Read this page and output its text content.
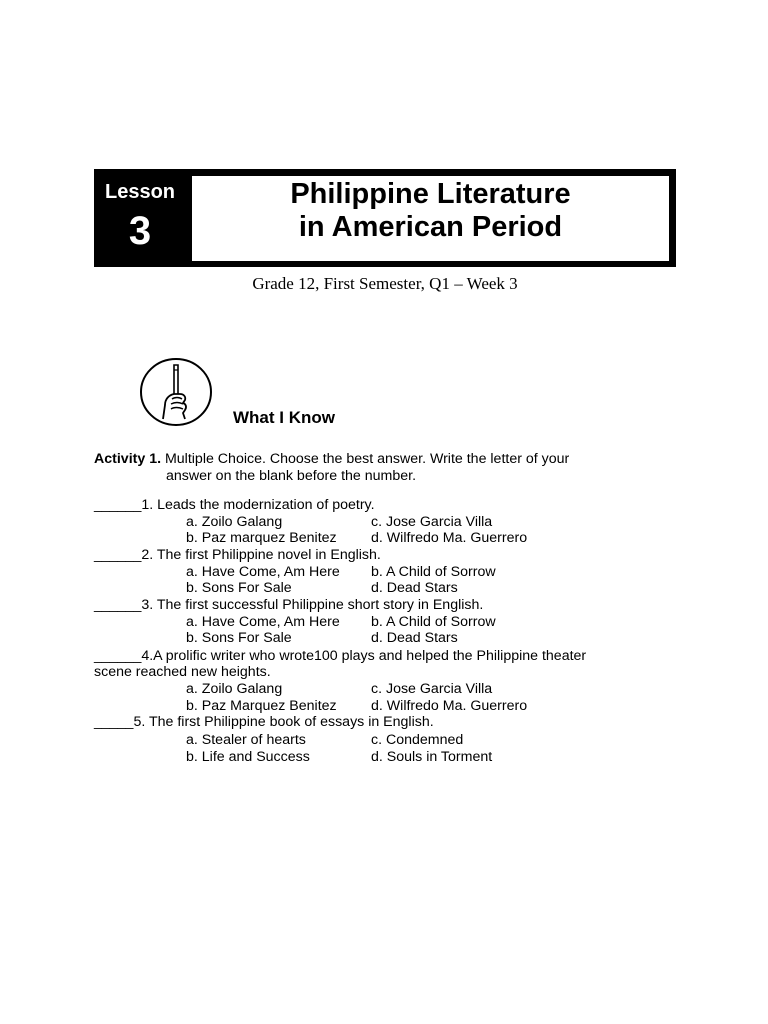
Lesson
3
Philippine Literature
in American Period
Grade 12, First Semester, Q1 – Week 3
What I Know
Activity 1. Multiple Choice. Choose the best answer. Write the letter of your
answer on the blank before the number.
______1. Leads the modernization of poetry.
a. Zoilo Galang	c. Jose Garcia Villa
b. Paz marquez Benitez d. Wilfredo Ma. Guerrero
______2. The first Philippine novel in English.
a. Have Come, Am Here b. A Child of Sorrow
b. Sons For Sale	d. Dead Stars
______3. The first successful Philippine short story in English.
a. Have Come, Am Here b. A Child of Sorrow
b. Sons For Sale	d. Dead Stars
______4.A prolific writer who wrote100 plays and helped the Philippine theater
scene reached new heights.
a. Zoilo Galang	c. Jose Garcia Villa
b. Paz Marquez Benitez d. Wilfredo Ma. Guerrero
_____5. The first Philippine book of essays in English.
a. Stealer of hearts	c. Condemned
b. Life and Success	d. Souls in Torment
